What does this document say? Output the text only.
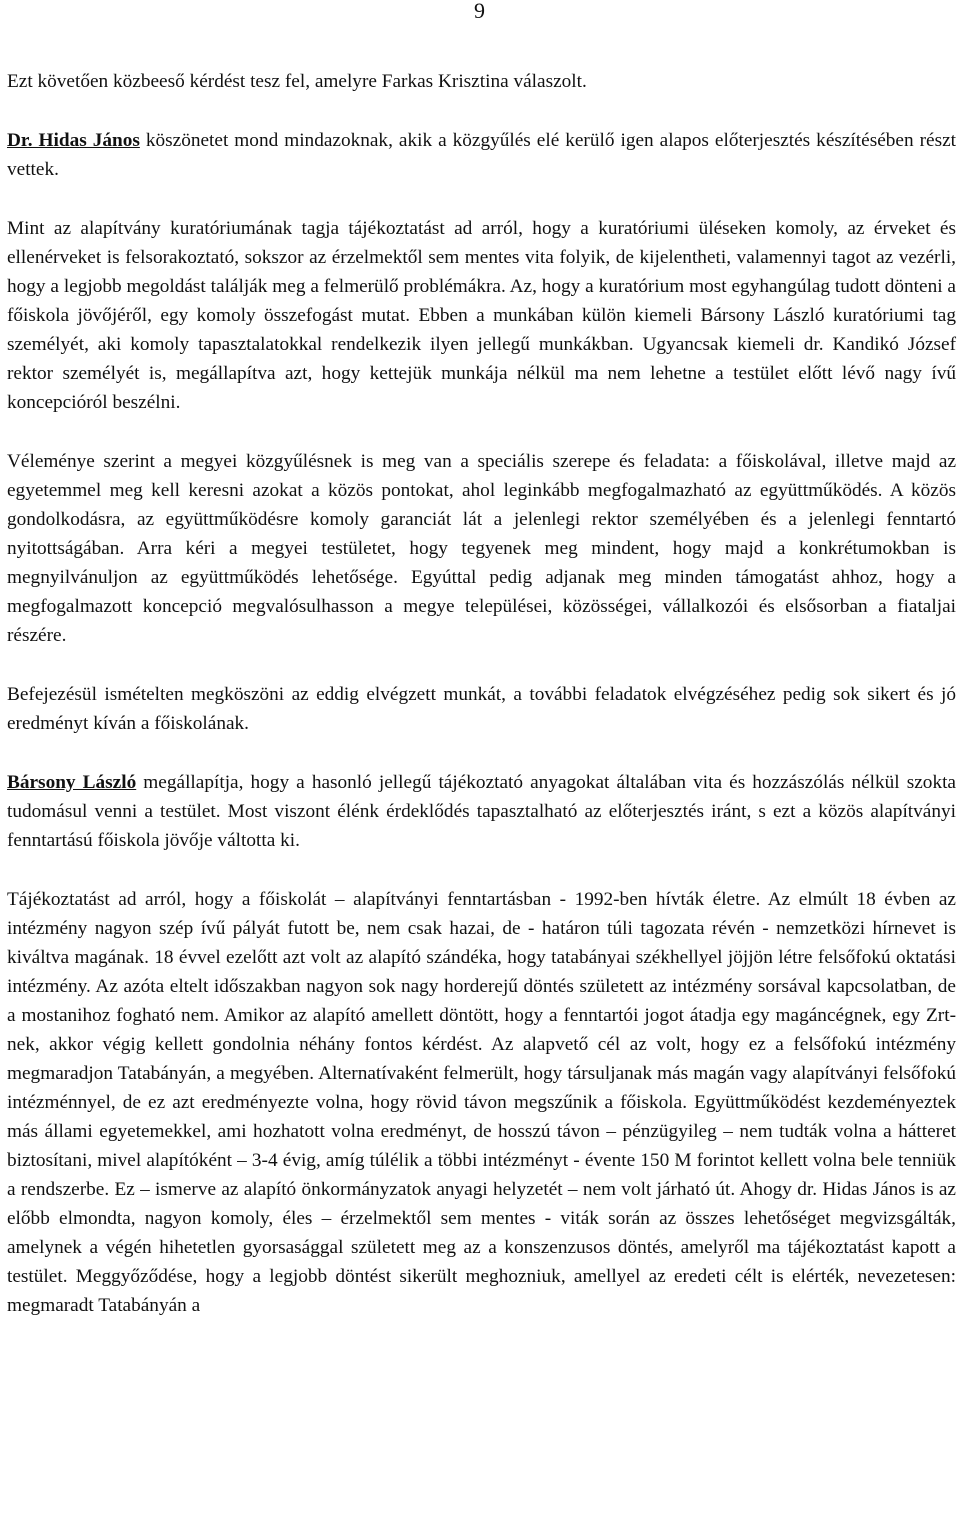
9

Ezt követően közbeeső kérdést tesz fel, amelyre Farkas Krisztina válaszolt.

Dr. Hidas János köszönetet mond mindazoknak, akik a közgyűlés elé kerülő igen alapos előterjesztés készítésében részt vettek.

Mint az alapítvány kuratóriumának tagja tájékoztatást ad arról, hogy a kuratóriumi üléseken komoly, az érveket és ellenérveket is felsorakoztató, sokszor az érzelmektől sem mentes vita folyik, de kijelentheti, valamennyi tagot az vezérli, hogy a legjobb megoldást találják meg a felmerülő problémákra. Az, hogy a kuratórium most egyhangúlag tudott dönteni a főiskola jövőjéről, egy komoly összefogást mutat. Ebben a munkában külön kiemeli Bársony László kuratóriumi tag személyét, aki komoly tapasztalatokkal rendelkezik ilyen jellegű munkákban. Ugyancsak kiemeli dr. Kandikó József rektor személyét is, megállapítva azt, hogy kettejük munkája nélkül ma nem lehetne a testület előtt lévő nagy ívű koncepcióról beszélni.

Véleménye szerint a megyei közgyűlésnek is meg van a speciális szerepe és feladata: a főiskolával, illetve majd az egyetemmel meg kell keresni azokat a közös pontokat, ahol leginkább megfogalmazható az együttműködés. A közös gondolkodásra, az együttműködésre komoly garanciát lát a jelenlegi rektor személyében és a jelenlegi fenntartó nyitottságában. Arra kéri a megyei testületet, hogy tegyenek meg mindent, hogy majd a konkrétumokban is megnyilvánuljon az együttműködés lehetősége. Egyúttal pedig adjanak meg minden támogatást ahhoz, hogy a megfogalmazott koncepció megvalósulhasson a megye települései, közösségei, vállalkozói és elsősorban a fiataljai részére.

Befejezésül ismételten megköszöni az eddig elvégzett munkát, a további feladatok elvégzéséhez pedig sok sikert és jó eredményt kíván a főiskolának.

Bársony László megállapítja, hogy a hasonló jellegű tájékoztató anyagokat általában vita és hozzászólás nélkül szokta tudomásul venni a testület. Most viszont élénk érdeklődés tapasztalható az előterjesztés iránt, s ezt a közös alapítványi fenntartású főiskola jövője váltotta ki.

Tájékoztatást ad arról, hogy a főiskolát – alapítványi fenntartásban - 1992-ben hívták életre. Az elmúlt 18 évben az intézmény nagyon szép ívű pályát futott be, nem csak hazai, de - határon túli tagozata révén - nemzetközi hírnevet is kiváltva magának. 18 évvel ezelőtt azt volt az alapító szándéka, hogy tatabányai székhellyel jöjjön létre felsőfokú oktatási intézmény. Az azóta eltelt időszakban nagyon sok nagy horderejű döntés született az intézmény sorsával kapcsolatban, de a mostanihoz fogható nem. Amikor az alapító amellett döntött, hogy a fenntartói jogot átadja egy magáncégnek, egy Zrt-nek, akkor végig kellett gondolnia néhány fontos kérdést. Az alapvető cél az volt, hogy ez a felsőfokú intézmény megmaradjon Tatabányán, a megyében. Alternatívaként felmerült, hogy társuljanak más magán vagy alapítványi felsőfokú intézménnyel, de ez azt eredményezte volna, hogy rövid távon megszűnik a főiskola. Együttműködést kezdeményeztek más állami egyetemekkel, ami hozhatott volna eredményt, de hosszú távon – pénzügyileg – nem tudták volna a hátteret biztosítani, mivel alapítóként – 3-4 évig, amíg túlélik a többi intézményt - évente 150 M forintot kellett volna bele tenniük a rendszerbe. Ez – ismerve az alapító önkormányzatok anyagi helyzetét – nem volt járható út. Ahogy dr. Hidas János is az előbb elmondta, nagyon komoly, éles – érzelmektől sem mentes - viták során az összes lehetőséget megvizsgálták, amelynek a végén hihetetlen gyorsasággal született meg az a konszenzusos döntés, amelyről ma tájékoztatást kapott a testület. Meggyőződése, hogy a legjobb döntést sikerült meghozniuk, amellyel az eredeti célt is elérték, nevezetesen: megmaradt Tatabányán a
